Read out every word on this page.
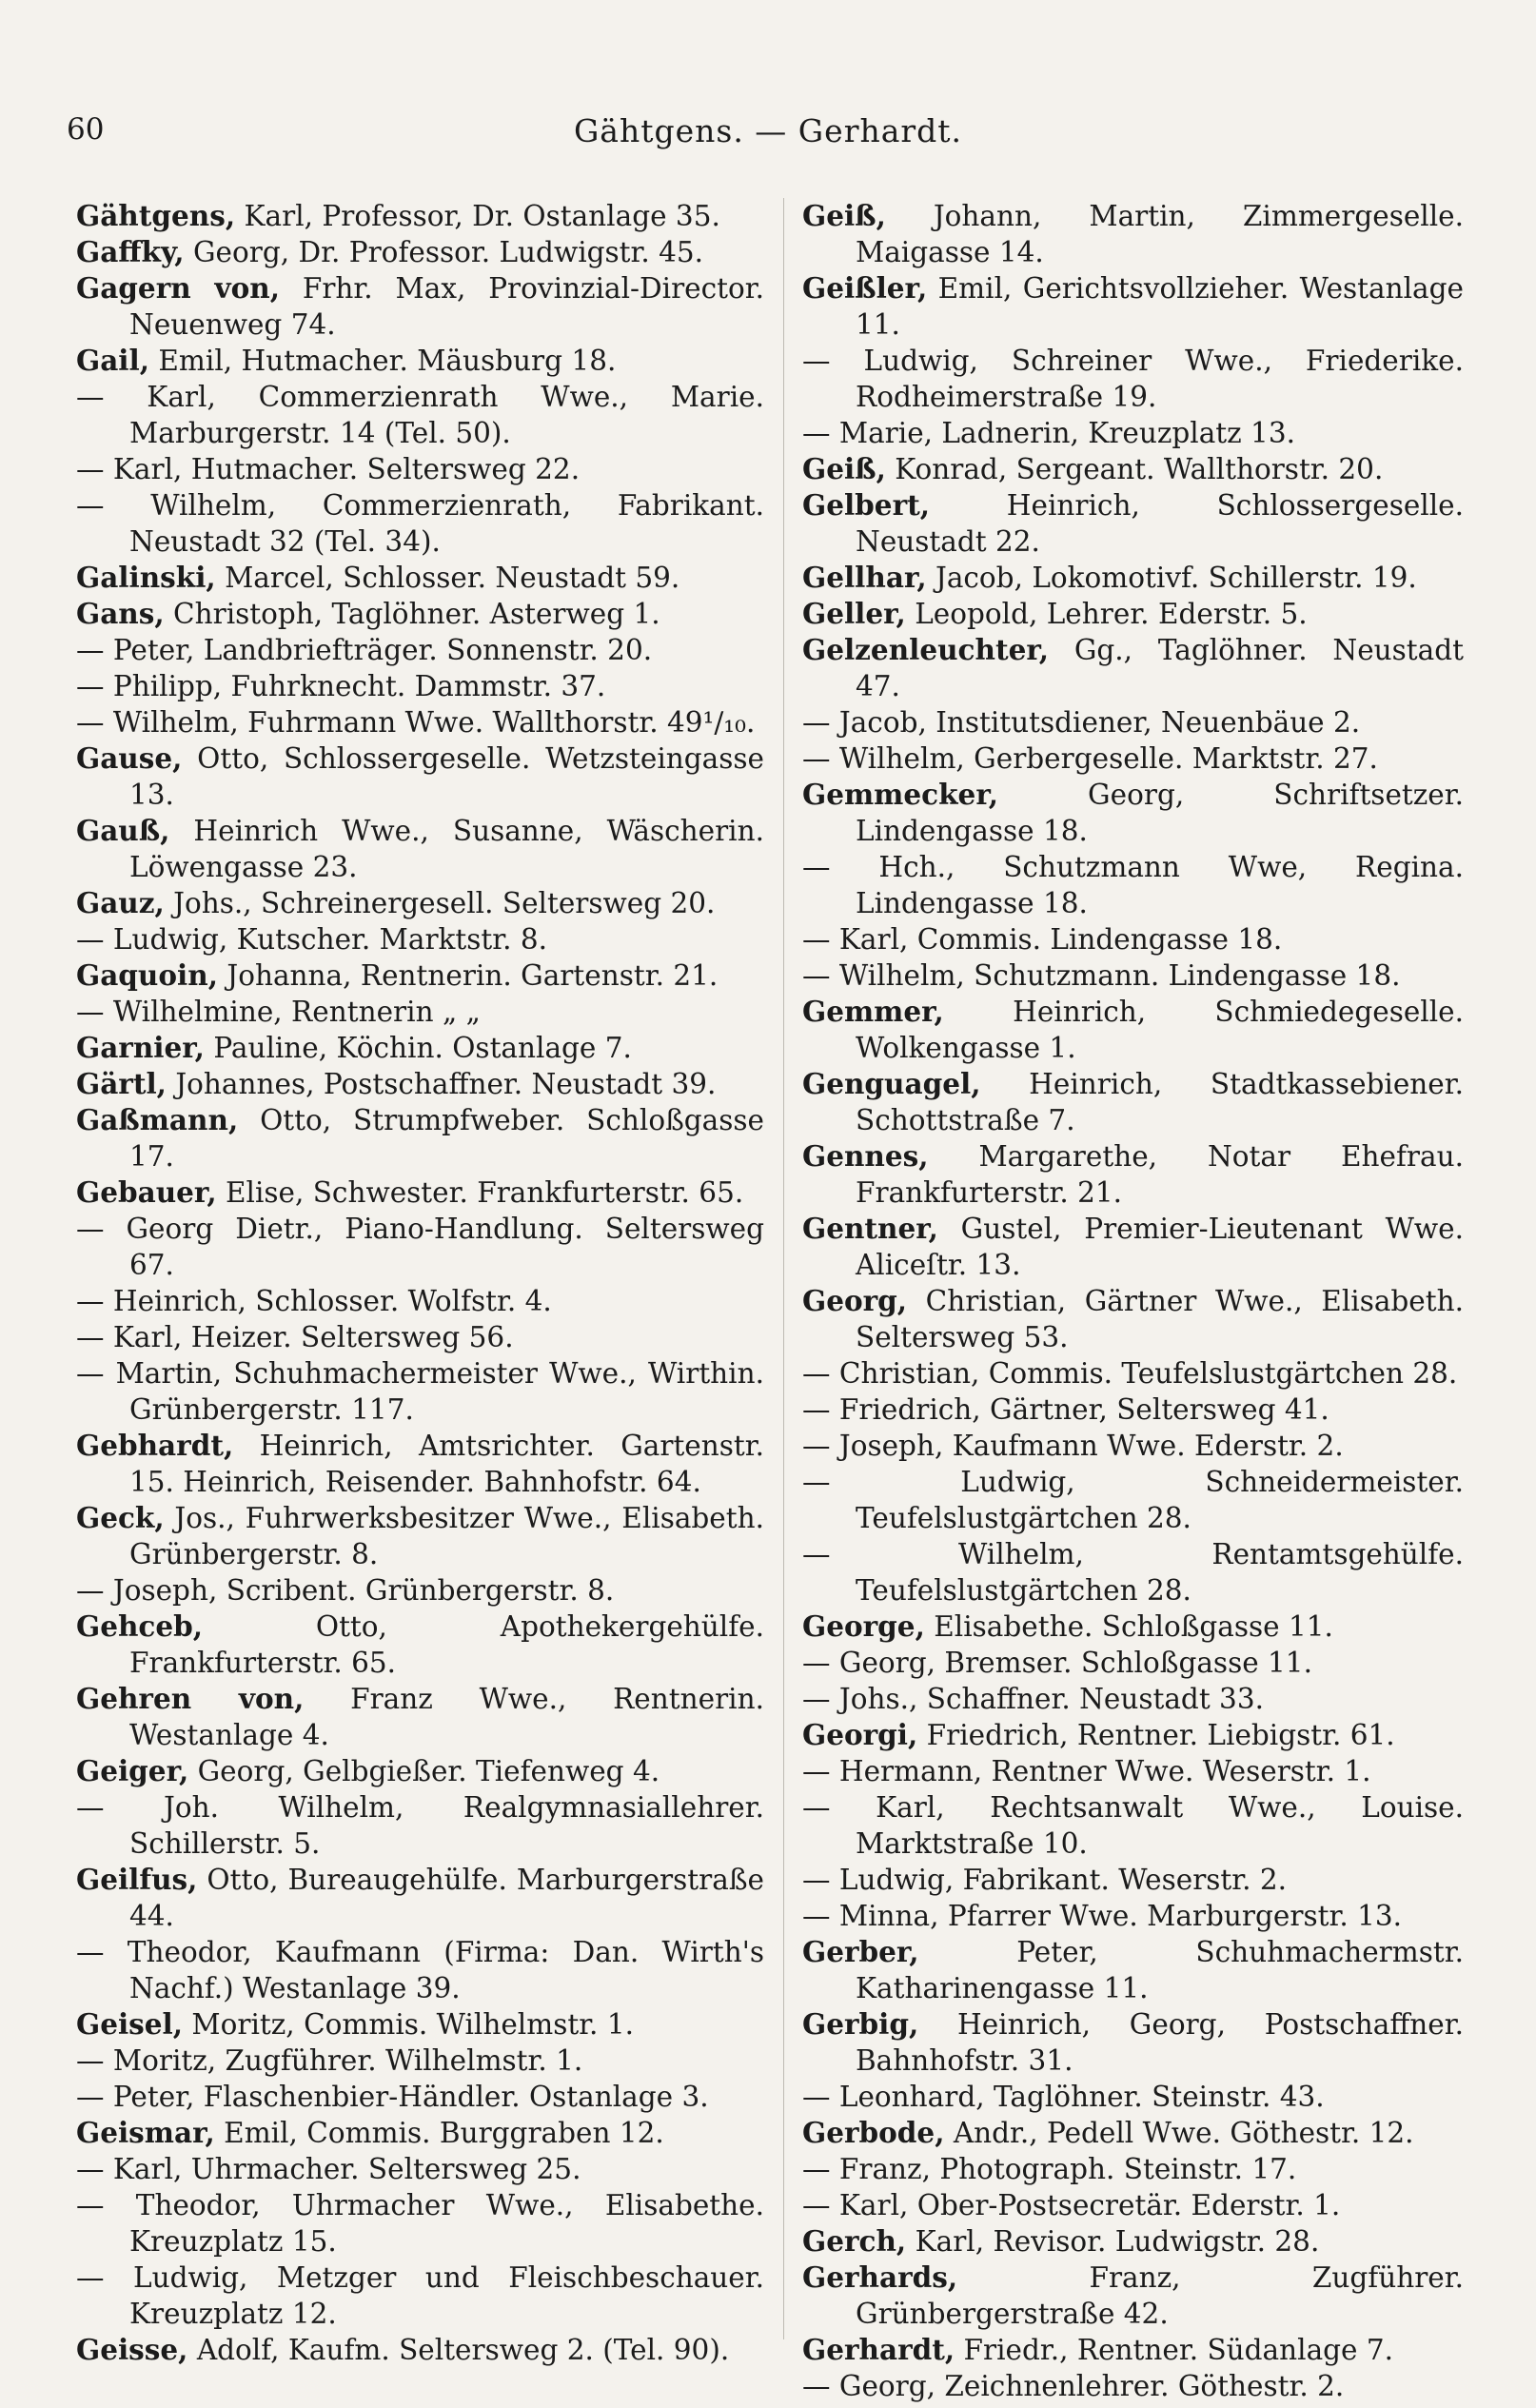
60	Gähtgens. — Gerhardt.
Gähtgens, Karl, Professor, Dr. Ostanlage 35.
Gaffky, Georg, Dr. Professor. Ludwigstr. 45.
Gagern von, Frhr. Max, Provinzial-Director. Neuenweg 74.
Gail, Emil, Hutmacher. Mäusburg 18.
— Karl, Commerzienrath Wwe., Marie. Marburgerstr. 14 (Tel. 50).
— Karl, Hutmacher. Seltersweg 22.
— Wilhelm, Commerzienrath, Fabrikant. Neustadt 32 (Tel. 34).
Galinski, Marcel, Schlosser. Neustadt 59.
Gans, Christoph, Taglöhner. Asterweg 1.
— Peter, Landbriefträger. Sonnenstr. 20.
— Philipp, Fuhrknecht. Dammstr. 37.
— Wilhelm, Fuhrmann Wwe. Wallthorstr. 49¹/₁₀.
Gause, Otto, Schlossergeselle. Wetzsteingasse 13.
Gauß, Heinrich Wwe., Susanne, Wäscherin. Löwengasse 23.
Gauz, Johs., Schreinergesell. Seltersweg 20.
— Ludwig, Kutscher. Marktstr. 8.
Gaquoin, Johanna, Rentnerin. Gartenstr. 21.
— Wilhelmine, Rentnerin „ „
Garnier, Pauline, Köchin. Ostanlage 7.
Gärtl, Johannes, Postschaffner. Neustadt 39.
Gaßmann, Otto, Strumpfweber. Schloßgasse 17.
Gebauer, Elise, Schwester. Frankfurterstr. 65.
— Georg Dietr., Piano-Handlung. Seltersweg 67.
— Heinrich, Schlosser. Wolfstr. 4.
— Karl, Heizer. Seltersweg 56.
— Martin, Schuhmachermeister Wwe., Wirthin. Grünbergerstr. 117.
Gebhardt, Heinrich, Amtsrichter. Gartenstr. 15. Heinrich, Reisender. Bahnhofstr. 64.
Geck, Jos., Fuhrwerksbesitzer Wwe., Elisabeth. Grünbergerstr. 8.
— Joseph, Scribent. Grünbergerstr. 8.
Gehceb, Otto, Apothekergehülfe. Frankfurterstr. 65.
Gehren von, Franz Wwe., Rentnerin. Westanlage 4.
Geiger, Georg, Gelbgießer. Tiefenweg 4.
— Joh. Wilhelm, Realgymnasiallehrer. Schillerstr. 5.
Geilfus, Otto, Bureaugehülfe. Marburgerstraße 44.
— Theodor, Kaufmann (Firma: Dan. Wirth's Nachf.) Westanlage 39.
Geisel, Moritz, Commis. Wilhelmstr. 1.
— Moritz, Zugführer. Wilhelmstr. 1.
— Peter, Flaschenbier-Händler. Ostanlage 3.
Geismar, Emil, Commis. Burggraben 12.
— Karl, Uhrmacher. Seltersweg 25.
— Theodor, Uhrmacher Wwe., Elisabethe. Kreuzplatz 15.
— Ludwig, Metzger und Fleischbeschauer. Kreuzplatz 12.
Geisse, Adolf, Kaufm. Seltersweg 2. (Tel. 90).
Geiß, Johann, Martin, Zimmergeselle. Maigasse 14.
Geißler, Emil, Gerichtsvollzieher. Westanlage 11.
— Ludwig, Schreiner Wwe., Friederike. Rodheimerstraße 19.
— Marie, Ladnerin, Kreuzplatz 13.
Geiß, Konrad, Sergeant. Wallthorstr. 20.
Gelbert, Heinrich, Schlossergeselle. Neustadt 22.
Gellhar, Jacob, Lokomotivf. Schillerstr. 19.
Geller, Leopold, Lehrer. Ederstr. 5.
Gelzenleuchter, Gg., Taglöhner. Neustadt 47.
— Jacob, Institutsdiener, Neuenbäue 2.
— Wilhelm, Gerbergeselle. Marktstr. 27.
Gemmecker, Georg, Schriftsetzer. Lindengasse 18.
— Hch., Schutzmann Wwe, Regina. Lindengasse 18.
— Karl, Commis. Lindengasse 18.
— Wilhelm, Schutzmann. Lindengasse 18.
Gemmer, Heinrich, Schmiedegeselle. Wolkengasse 1.
Genguagel, Heinrich, Stadtkassebiener. Schottstraße 7.
Gennes, Margarethe, Notar Ehefrau. Frankfurterstr. 21.
Gentner, Gustel, Premier-Lieutenant Wwe. Aliceſtr. 13.
Georg, Christian, Gärtner Wwe., Elisabeth. Seltersweg 53.
— Christian, Commis. Teufelslustgärtchen 28.
— Friedrich, Gärtner, Seltersweg 41.
— Joseph, Kaufmann Wwe. Ederstr. 2.
— Ludwig, Schneidermeister. Teufelslustgärtchen 28.
— Wilhelm, Rentamtsgehülfe. Teufelslustgärtchen 28.
George, Elisabethe. Schloßgasse 11.
— Georg, Bremser. Schloßgasse 11.
— Johs., Schaffner. Neustadt 33.
Georgi, Friedrich, Rentner. Liebigstr. 61.
— Hermann, Rentner Wwe. Weserstr. 1.
— Karl, Rechtsanwalt Wwe., Louise. Marktstraße 10.
— Ludwig, Fabrikant. Weserstr. 2.
— Minna, Pfarrer Wwe. Marburgerstr. 13.
Gerber, Peter, Schuhmachermstr. Katharinengasse 11.
Gerbig, Heinrich, Georg, Postschaffner. Bahnhofstr. 31.
— Leonhard, Taglöhner. Steinstr. 43.
Gerbode, Andr., Pedell Wwe. Göthestr. 12.
— Franz, Photograph. Steinstr. 17.
— Karl, Ober-Postsecretär. Ederstr. 1.
Gerch, Karl, Revisor. Ludwigstr. 28.
Gerhards, Franz, Zugführer. Grünbergerstraße 42.
Gerhardt, Friedr., Rentner. Südanlage 7.
— Georg, Zeichnenlehrer. Göthestr. 2.
